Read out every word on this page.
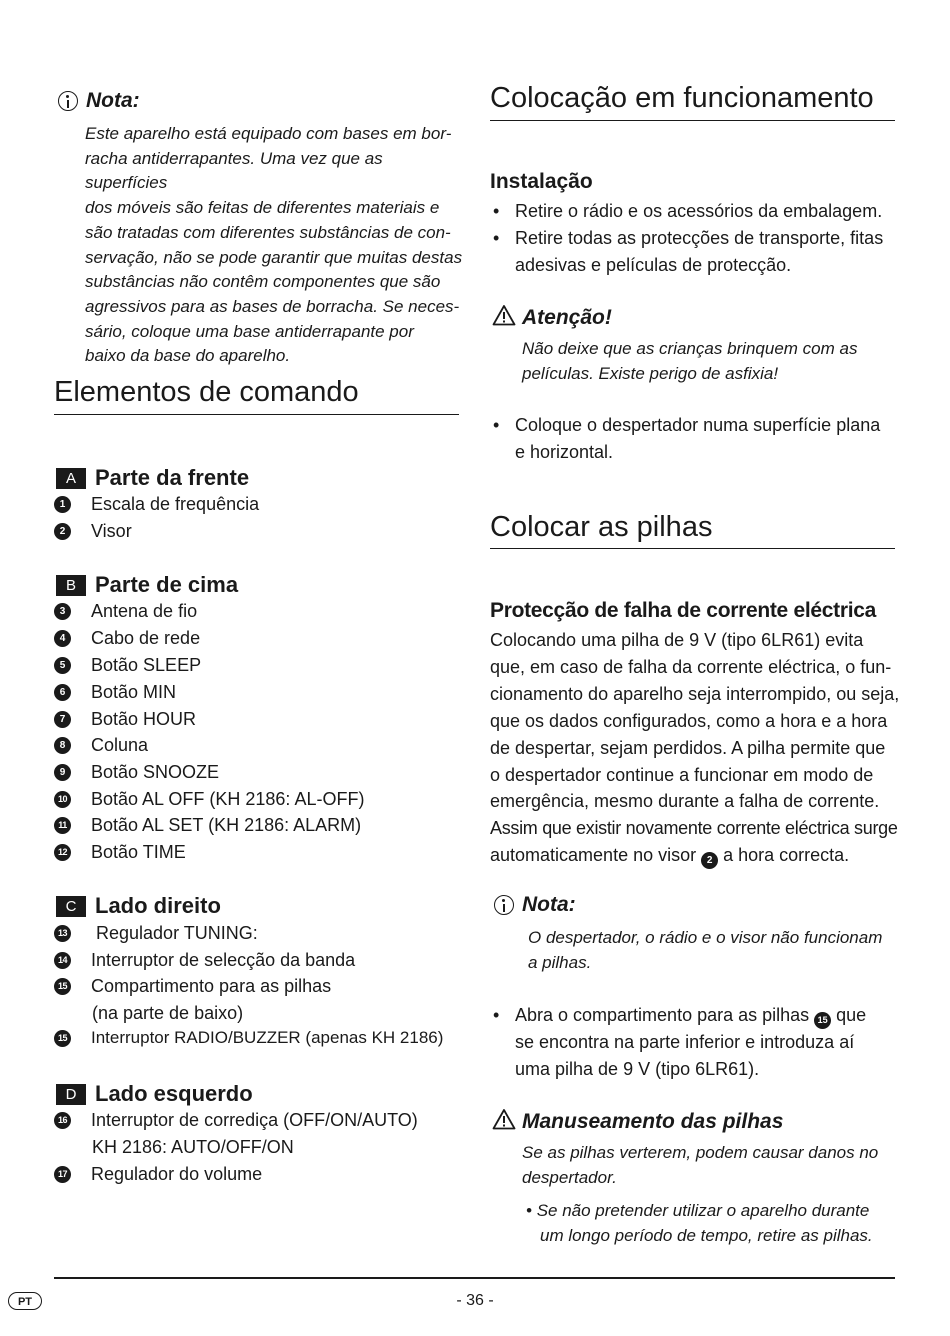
Nota:

Este aparelho está equipado com bases em bor-

racha antiderrapantes. Uma vez que as superfícies

dos móveis são feitas de diferentes materiais e

são tratadas com diferentes substâncias de con-

servação, não se pode garantir que muitas destas

substâncias não contêm componentes que são

agressivos para as bases de borracha. Se neces-

sário, coloque uma base antiderrapante por

baixo da base do aparelho.

Elementos de comando
A Parte da frente
1	Escala de frequência
2	Visor
B Parte de cima
3	Antena de fio
4	Cabo de rede
5	Botão SLEEP
6	Botão MIN
7	Botão HOUR
8	Coluna
9	Botão SNOOZE
10 Botão AL OFF (KH 2186: AL-OFF)
11 Botão AL SET (KH 2186: ALARM)
12 Botão TIME
C Lado direito
13 Regulador TUNING:
14 Interruptor de selecção da banda
15 Compartimento para as pilhas
(na parte de baixo)
15 Interruptor RADIO/BUZZER (apenas KH 2186)
D Lado esquerdo
16 Interruptor de corrediça (OFF/ON/AUTO)
KH 2186: AUTO/OFF/ON
17 Regulador do volume
Colocação em funcionamento
Instalação
• Retire o rádio e os acessórios da embalagem.
• Retire todas as protecções de transporte, fitas
adesivas e películas de protecção.
Atenção!

Não deixe que as crianças brinquem com as

películas. Existe perigo de asfixia!

• Coloque o despertador numa superfície plana
e horizontal.
Colocar as pilhas
Protecção de falha de corrente eléctrica

Colocando uma pilha de 9 V (tipo 6LR61) evita

que, em caso de falha da corrente eléctrica, o fun-

cionamento do aparelho seja interrompido, ou seja,

que os dados configurados, como a hora e a hora

de despertar, sejam perdidos. A pilha permite que

o despertador continue a funcionar em modo de

emergência, mesmo durante a falha de corrente.

Assim que existir novamente corrente eléctrica surge

automaticamente no visor 2 a hora correcta.

Nota:

O despertador, o rádio e o visor não funcionam

a pilhas.

• Abra o compartimento para as pilhas 15 que
se encontra na parte inferior e introduza aí
uma pilha de 9 V (tipo 6LR61).
Manuseamento das pilhas

Se as pilhas verterem, podem causar danos no

despertador.

• Se não pretender utilizar o aparelho durante

um longo período de tempo, retire as pilhas.

PT	- 36 -
